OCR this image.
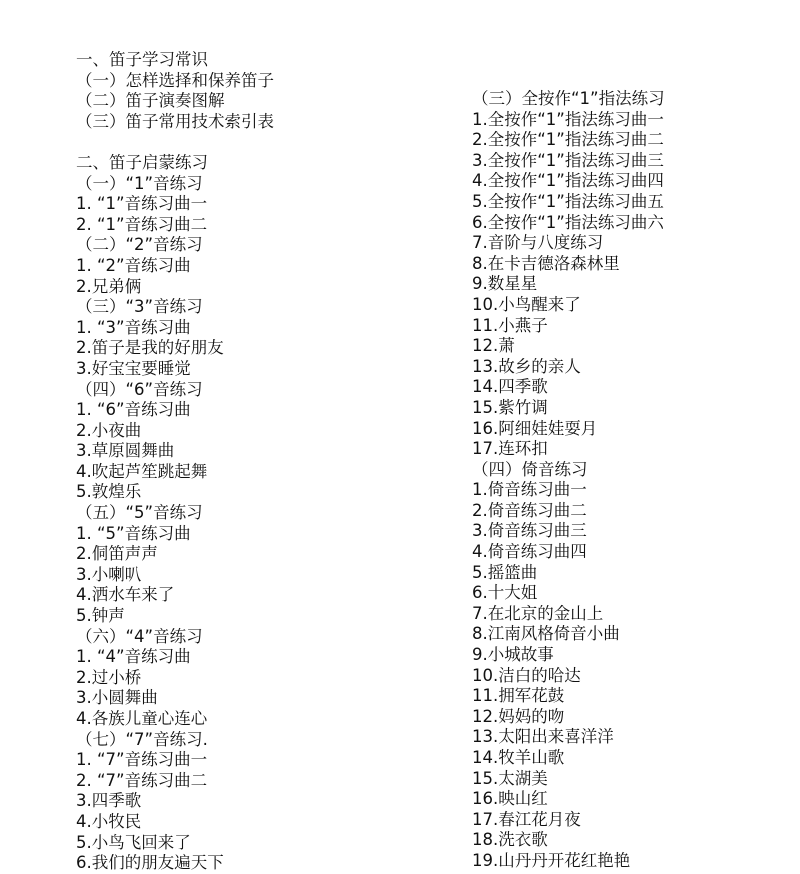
一、笛子学习常识
（一）怎样选择和保养笛子
（二）笛子演奏图解
（三）笛子常用技术索引表
二、笛子启蒙练习
（一）“1”音练习
1. “1”音练习曲一
2. “1”音练习曲二
（二）“2”音练习
1. “2”音练习曲
2.兄弟俩
（三）“3”音练习
1. “3”音练习曲
2.笛子是我的好朋友
3.好宝宝要睡觉
（四）“6”音练习
1. “6”音练习曲
2.小夜曲
3.草原圆舞曲
4.吹起芦笙跳起舞
5.敦煌乐
（五）“5”音练习
1. “5”音练习曲
2.侗笛声声
3.小喇叭
4.洒水车来了
5.钟声
（六）“4”音练习
1. “4”音练习曲
2.过小桥
3.小圆舞曲
4.各族儿童心连心
（七）“7”音练习.
1. “7”音练习曲一
2. “7”音练习曲二
3.四季歌
4.小牧民
5.小鸟飞回来了
6.我们的朋友遍天下
（三）全按作“1”指法练习
1.全按作“1”指法练习曲一
2.全按作“1”指法练习曲二
3.全按作“1”指法练习曲三
4.全按作“1”指法练习曲四
5.全按作“1”指法练习曲五
6.全按作“1”指法练习曲六
7.音阶与八度练习
8.在卡吉德洛森林里
9.数星星
10.小鸟醒来了
11.小燕子
12.萧
13.故乡的亲人
14.四季歌
15.紫竹调
16.阿细娃娃耍月
17.连环扣
（四）倚音练习
1.倚音练习曲一
2.倚音练习曲二
3.倚音练习曲三
4.倚音练习曲四
5.摇篮曲
6.十大姐
7.在北京的金山上
8.江南风格倚音小曲
9.小城故事
10.洁白的哈达
11.拥军花鼓
12.妈妈的吻
13.太阳出来喜洋洋
14.牧羊山歌
15.太湖美
16.映山红
17.春江花月夜
18.洗衣歌
19.山丹丹开花红艳艳
